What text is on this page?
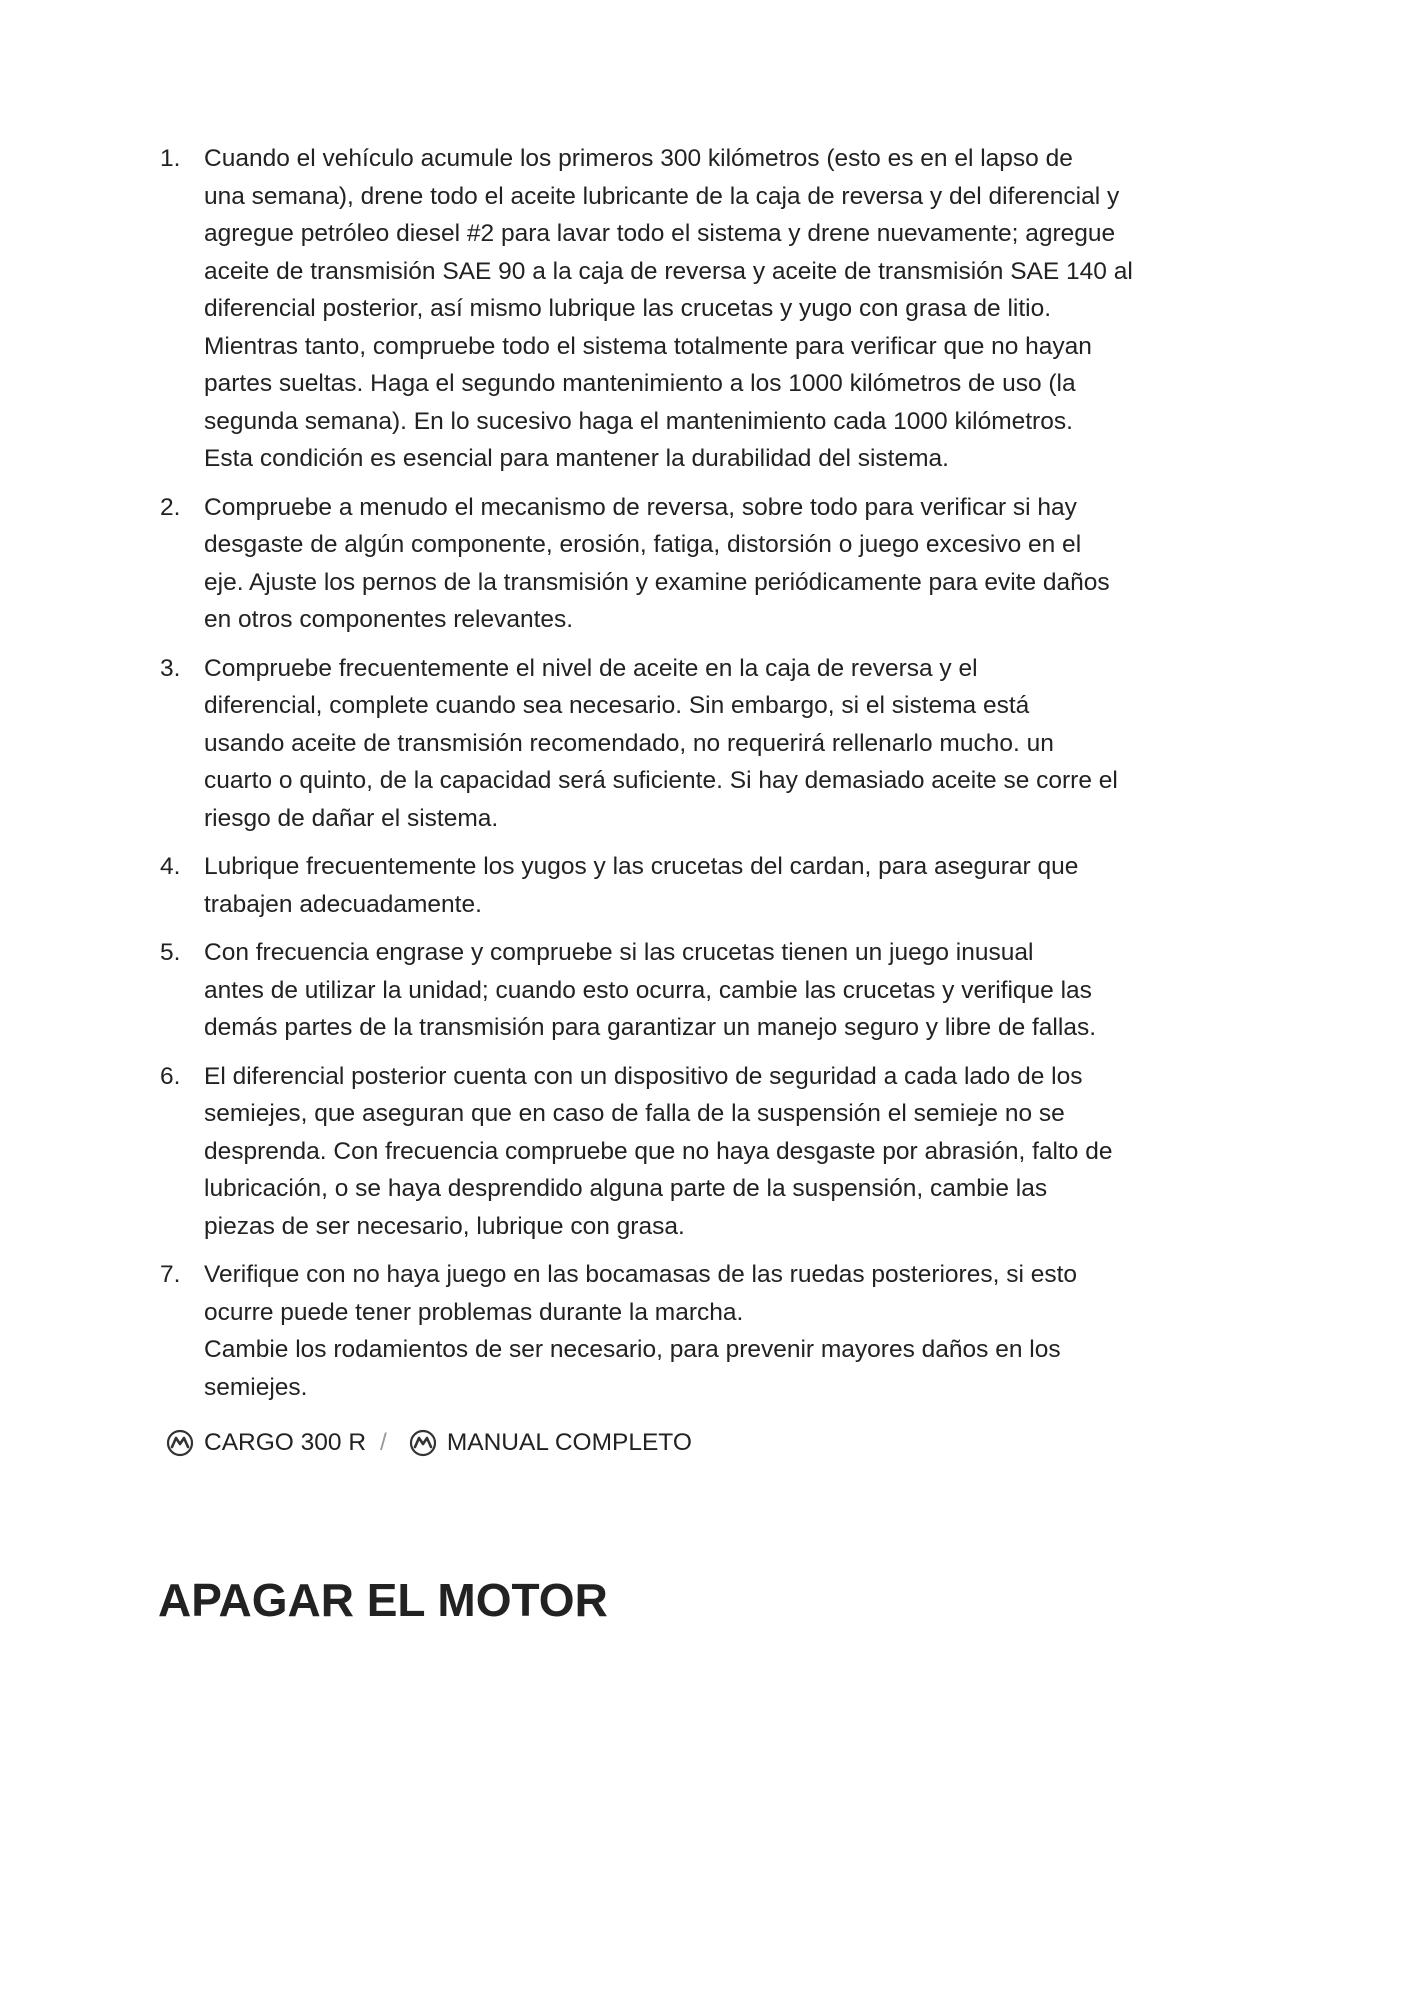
1. Cuando el vehículo acumule los primeros 300 kilómetros (esto es en el lapso de
una semana), drene todo el aceite lubricante de la caja de reversa y del diferencial y
agregue petróleo diesel #2 para lavar todo el sistema y drene nuevamente; agregue
aceite de transmisión SAE 90 a la caja de reversa y aceite de transmisión SAE 140 al
diferencial posterior, así mismo lubrique las crucetas y yugo con grasa de litio.
Mientras tanto, compruebe todo el sistema totalmente para verificar que no hayan
partes sueltas. Haga el segundo mantenimiento a los 1000 kilómetros de uso (la
segunda semana). En lo sucesivo haga el mantenimiento cada 1000 kilómetros.
Esta condición es esencial para mantener la durabilidad del sistema.
2. Compruebe a menudo el mecanismo de reversa, sobre todo para verificar si hay
desgaste de algún componente, erosión, fatiga, distorsión o juego excesivo en el
eje. Ajuste los pernos de la transmisión y examine periódicamente para evite daños
en otros componentes relevantes.
3. Compruebe frecuentemente el nivel de aceite en la caja de reversa y el
diferencial, complete cuando sea necesario. Sin embargo, si el sistema está
usando aceite de transmisión recomendado, no requerirá rellenarlo mucho. un
cuarto o quinto, de la capacidad será suficiente. Si hay demasiado aceite se corre el
riesgo de dañar el sistema.
4. Lubrique frecuentemente los yugos y las crucetas del cardan, para asegurar que
trabajen adecuadamente.
5. Con frecuencia engrase y compruebe si las crucetas tienen un juego inusual
antes de utilizar la unidad; cuando esto ocurra, cambie las crucetas y verifique las
demás partes de la transmisión para garantizar un manejo seguro y libre de fallas.
6. El diferencial posterior cuenta con un dispositivo de seguridad a cada lado de los
semiejes, que aseguran que en caso de falla de la suspensión el semieje no se
desprenda. Con frecuencia compruebe que no haya desgaste por abrasión, falto de
lubricación, o se haya desprendido alguna parte de la suspensión, cambie las
piezas de ser necesario, lubrique con grasa.
7. Verifique con no haya juego en las bocamasas de las ruedas posteriores, si esto
ocurre puede tener problemas durante la marcha.
Cambie los rodamientos de ser necesario, para prevenir mayores daños en los
semiejes.
CARGO 300 R / MANUAL COMPLETO
APAGAR EL MOTOR
